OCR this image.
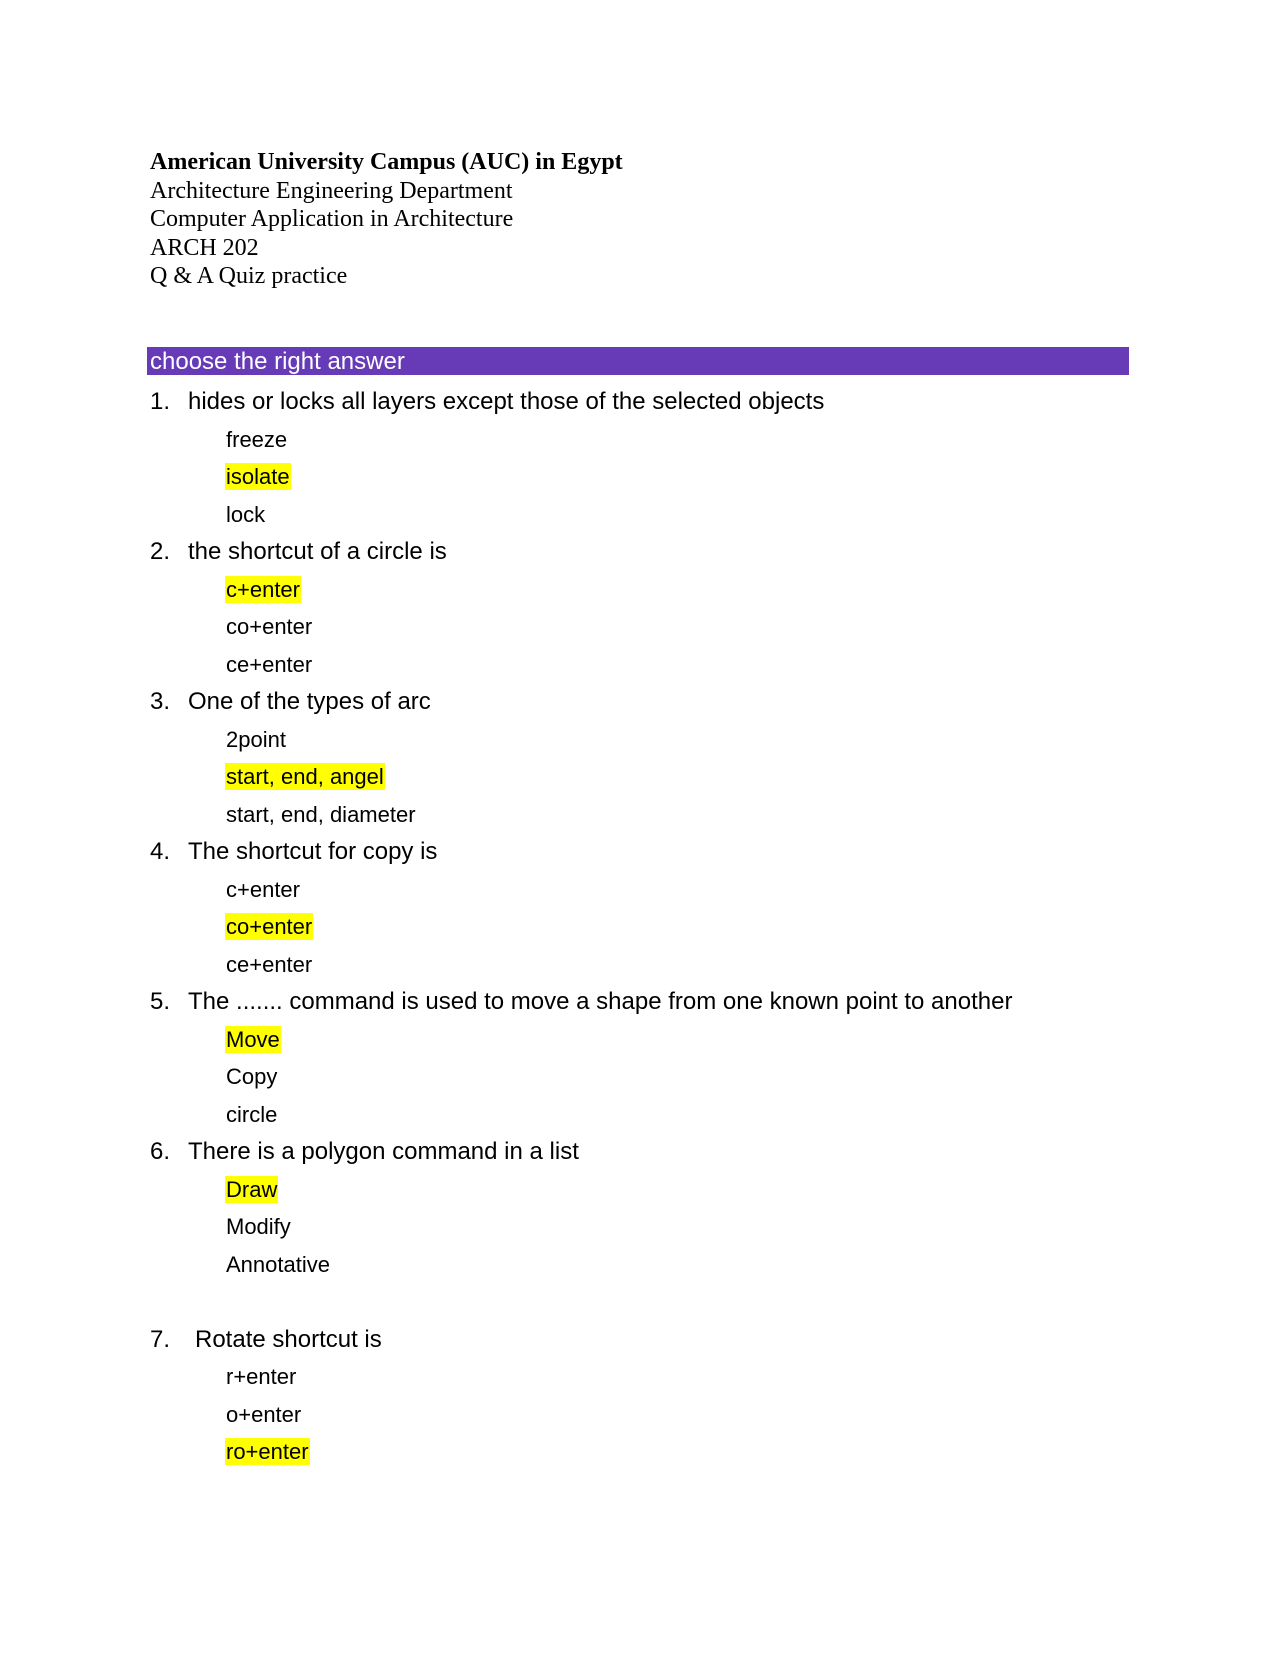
American University Campus (AUC) in Egypt
Architecture Engineering Department
Computer Application in Architecture
ARCH 202
Q & A Quiz practice
choose the right answer
1. hides or locks all layers except those of the selected objects
freeze
isolate
lock
2. the shortcut of a circle is
c+enter
co+enter
ce+enter
3. One of the types of arc
2point
start, end, angel
start, end, diameter
4. The shortcut for copy is
c+enter
co+enter
ce+enter
5. The ....... command is used to move a shape from one known point to another
Move
Copy
circle
6. There is a polygon command in a list
Draw
Modify
Annotative
7.	Rotate shortcut is
r+enter
o+enter
ro+enter
